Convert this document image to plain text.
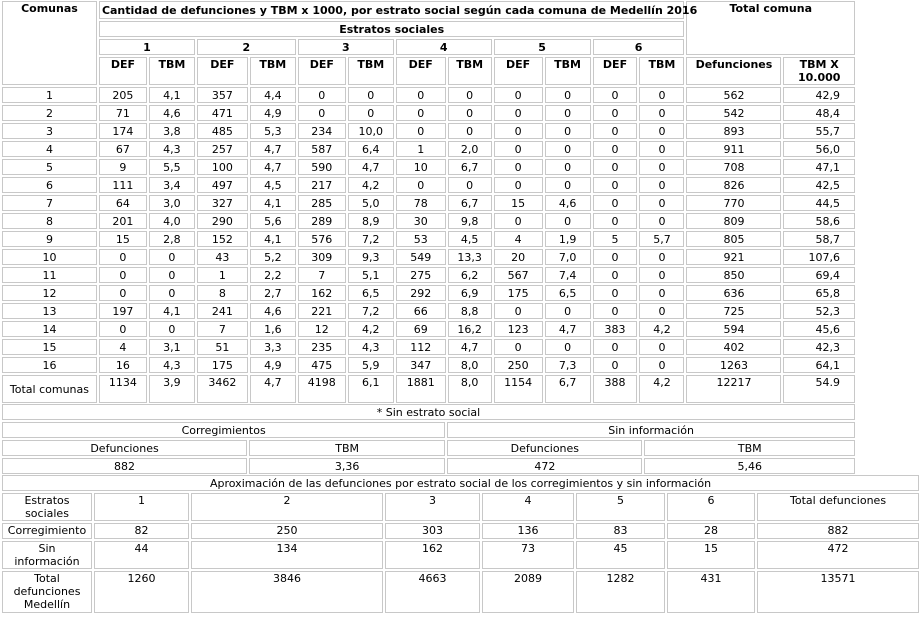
Comunas	Cantidad de defunciones y TBM x 1000, por estrato social según cada comuna de Medellín 2016												Total comuna	
	Estratos sociales													
	1		2		3		4		5		6			
	DEF	TBM	DEF	TBM	DEF	TBM	DEF	TBM	DEF	TBM	DEF	TBM	Defunciones	TBM X 10.000
1	205	4,1	357	4,4	0	0	0	0	0	0	0	0	562	42,9
2	71	4,6	471	4,9	0	0	0	0	0	0	0	0	542	48,4
3	174	3,8	485	5,3	234	10,0	0	0	0	0	0	0	893	55,7
4	67	4,3	257	4,7	587	6,4	1	2,0	0	0	0	0	911	56,0
5	9	5,5	100	4,7	590	4,7	10	6,7	0	0	0	0	708	47,1
6	111	3,4	497	4,5	217	4,2	0	0	0	0	0	0	826	42,5
7	64	3,0	327	4,1	285	5,0	78	6,7	15	4,6	0	0	770	44,5
8	201	4,0	290	5,6	289	8,9	30	9,8	0	0	0	0	809	58,6
9	15	2,8	152	4,1	576	7,2	53	4,5	4	1,9	5	5,7	805	58,7
10	0	0	43	5,2	309	9,3	549	13,3	20	7,0	0	0	921	107,6
11	0	0	1	2,2	7	5,1	275	6,2	567	7,4	0	0	850	69,4
12	0	0	8	2,7	162	6,5	292	6,9	175	6,5	0	0	636	65,8
13	197	4,1	241	4,6	221	7,2	66	8,8	0	0	0	0	725	52,3
14	0	0	7	1,6	12	4,2	69	16,2	123	4,7	383	4,2	594	45,6
15	4	3,1	51	3,3	235	4,3	112	4,7	0	0	0	0	402	42,3
16	16	4,3	175	4,9	475	5,9	347	8,0	250	7,3	0	0	1263	64,1
Total comunas	1134	3,9	3462	4,7	4198	6,1	1881	8,0	1154	6,7	388	4,2	12217	54.9
* Sin estrato social			
Corregimientos		Sin información	
Defunciones	TBM	Defunciones	TBM
882	3,36	472	5,46
Aproximación de las defunciones por estrato social de los corregimientos y sin información							
Estratos sociales	1	2	3	4	5	6	Total defunciones
Corregimiento	82	250	303	136	83	28	882
Sin información	44	134	162	73	45	15	472
Total defunciones Medellín	1260	3846	4663	2089	1282	431	13571
